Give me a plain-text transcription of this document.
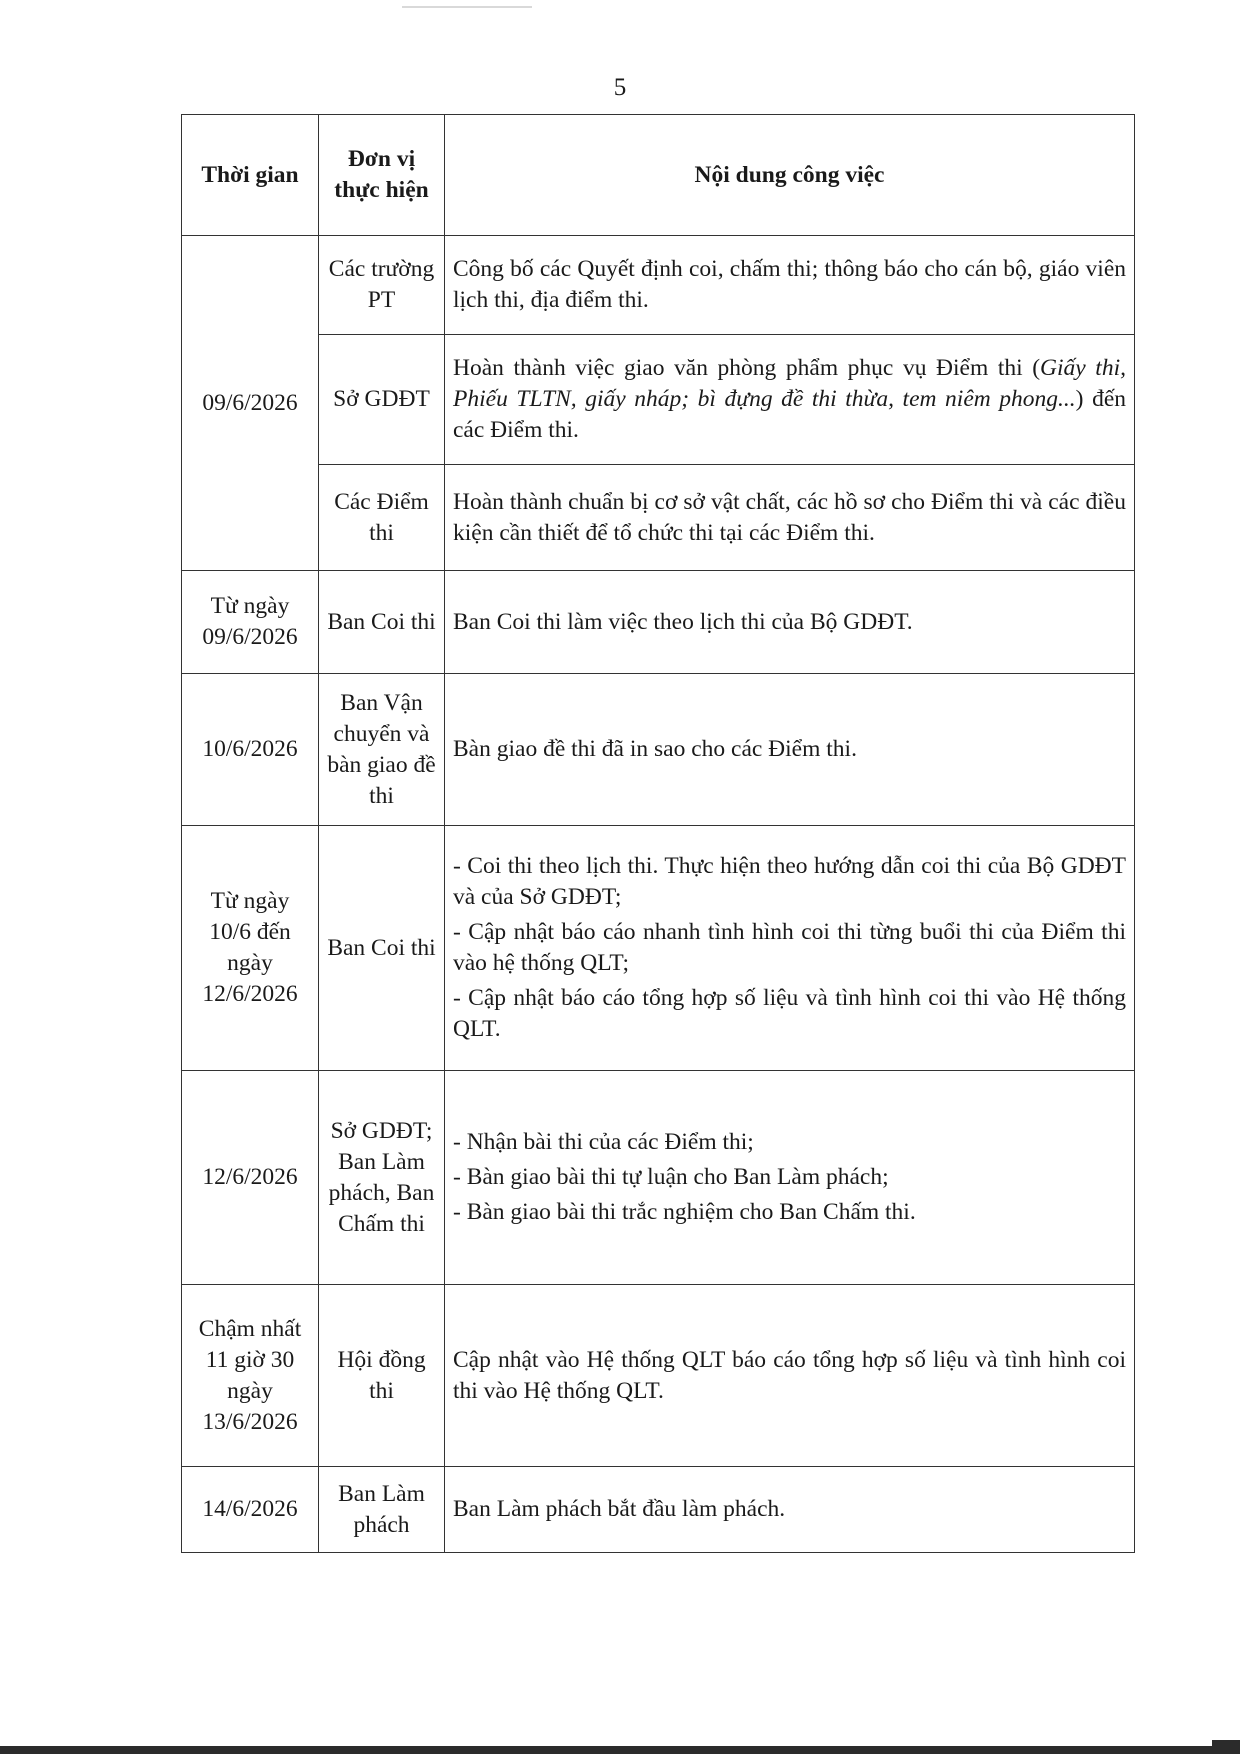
5
Thời gian	Đơn vị thực hiện	Nội dung công việc
09/6/2026	Các trường PT	Công bố các Quyết định coi, chấm thi; thông báo cho cán bộ, giáo viên lịch thi, địa điểm thi.

	Sở GDĐT	Hoàn thành việc giao văn phòng phẩm phục vụ Điểm thi (Giấy thi, Phiếu TLTN, giấy nháp; bì đựng đề thi thừa, tem niêm phong...) đến các Điểm thi.

	Các Điểm thi	Hoàn thành chuẩn bị cơ sở vật chất, các hồ sơ cho Điểm thi và các điều kiện cần thiết để tổ chức thi tại các Điểm thi.

Từ ngày 09/6/2026	Ban Coi thi	Ban Coi thi làm việc theo lịch thi của Bộ GDĐT.

10/6/2026	Ban Vận chuyển và bàn giao đề thi	Bàn giao đề thi đã in sao cho các Điểm thi.

Từ ngày 10/6 đến ngày 12/6/2026	Ban Coi thi	- Coi thi theo lịch thi. Thực hiện theo hướng dẫn coi thi của Bộ GDĐT và của Sở GDĐT;

- Cập nhật báo cáo nhanh tình hình coi thi từng buổi thi của Điểm thi vào hệ thống QLT;

- Cập nhật báo cáo tổng hợp số liệu và tình hình coi thi vào Hệ thống QLT.

12/6/2026	Sở GDĐT; Ban Làm phách, Ban Chấm thi	- Nhận bài thi của các Điểm thi;

- Bàn giao bài thi tự luận cho Ban Làm phách;

- Bàn giao bài thi trắc nghiệm cho Ban Chấm thi.

Chậm nhất 11 giờ 30 ngày 13/6/2026	Hội đồng thi	Cập nhật vào Hệ thống QLT báo cáo tổng hợp số liệu và tình hình coi thi vào Hệ thống QLT.

14/6/2026	Ban Làm phách	Ban Làm phách bắt đầu làm phách.
